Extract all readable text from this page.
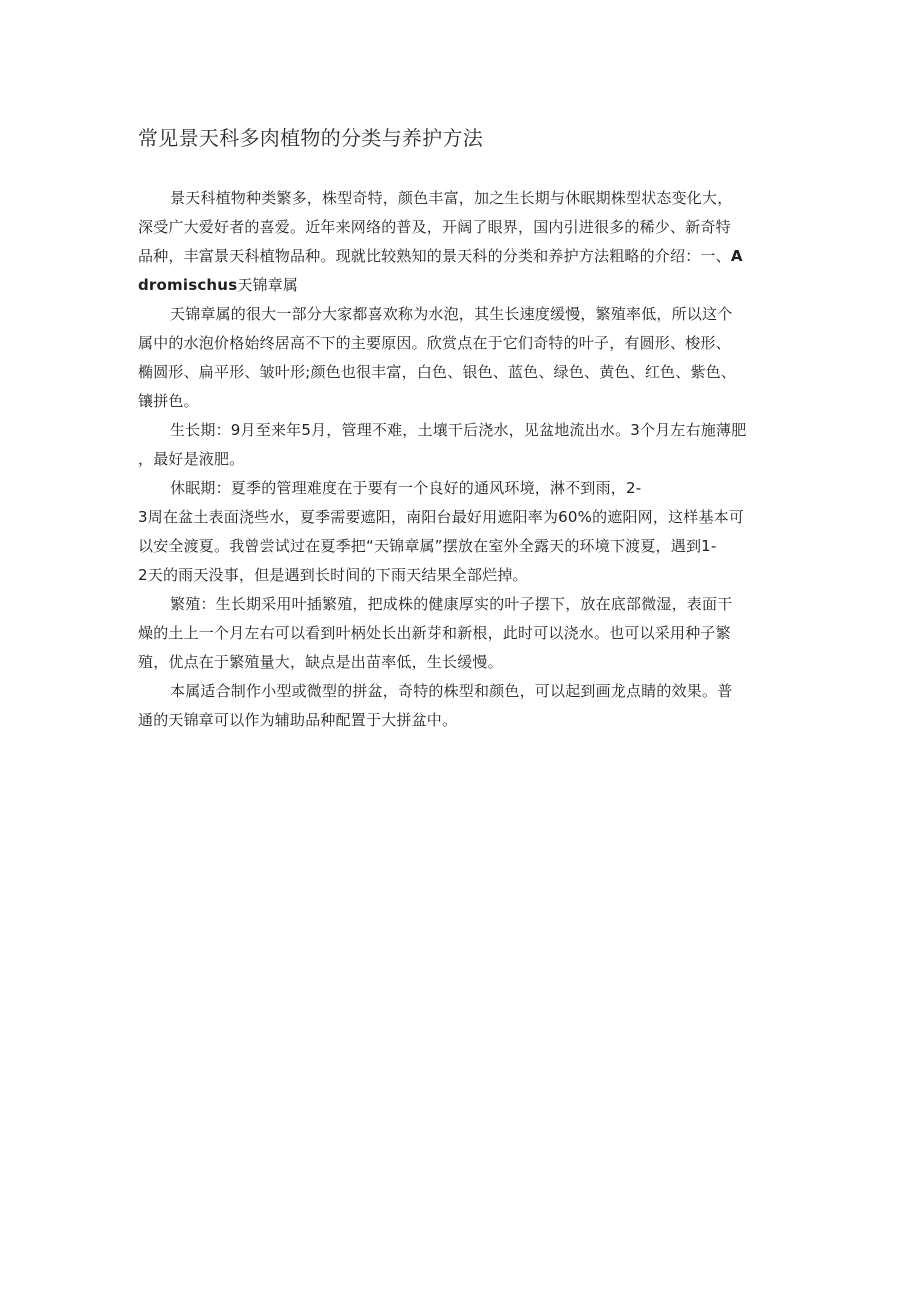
常见景天科多肉植物的分类与养护方法
景天科植物种类繁多，株型奇特，颜色丰富，加之生长期与休眠期株型状态变化大，
深受广大爱好者的喜爱。近年来网络的普及，开阔了眼界，国内引进很多的稀少、新奇特
品种，丰富景天科植物品种。现就比较熟知的景天科的分类和养护方法粗略的介绍：一、A
dromischus天锦章属
天锦章属的很大一部分大家都喜欢称为水泡，其生长速度缓慢，繁殖率低，所以这个
属中的水泡价格始终居高不下的主要原因。欣赏点在于它们奇特的叶子，有圆形、梭形、
椭圆形、扁平形、皱叶形;颜色也很丰富，白色、银色、蓝色、绿色、黄色、红色、紫色、
镶拼色。
生长期：9月至来年5月，管理不难，土壤干后浇水，见盆地流出水。3个月左右施薄肥
，最好是液肥。
休眠期：夏季的管理难度在于要有一个良好的通风环境，淋不到雨，2-
3周在盆土表面浇些水，夏季需要遮阳，南阳台最好用遮阳率为60%的遮阳网，这样基本可
以安全渡夏。我曾尝试过在夏季把“天锦章属”摆放在室外全露天的环境下渡夏，遇到1-
2天的雨天没事，但是遇到长时间的下雨天结果全部烂掉。
繁殖：生长期采用叶插繁殖，把成株的健康厚实的叶子摆下，放在底部微湿，表面干
燥的土上一个月左右可以看到叶柄处长出新芽和新根，此时可以浇水。也可以采用种子繁
殖，优点在于繁殖量大，缺点是出苗率低，生长缓慢。
本属适合制作小型或微型的拼盆，奇特的株型和颜色，可以起到画龙点睛的效果。普
通的天锦章可以作为辅助品种配置于大拼盆中。
